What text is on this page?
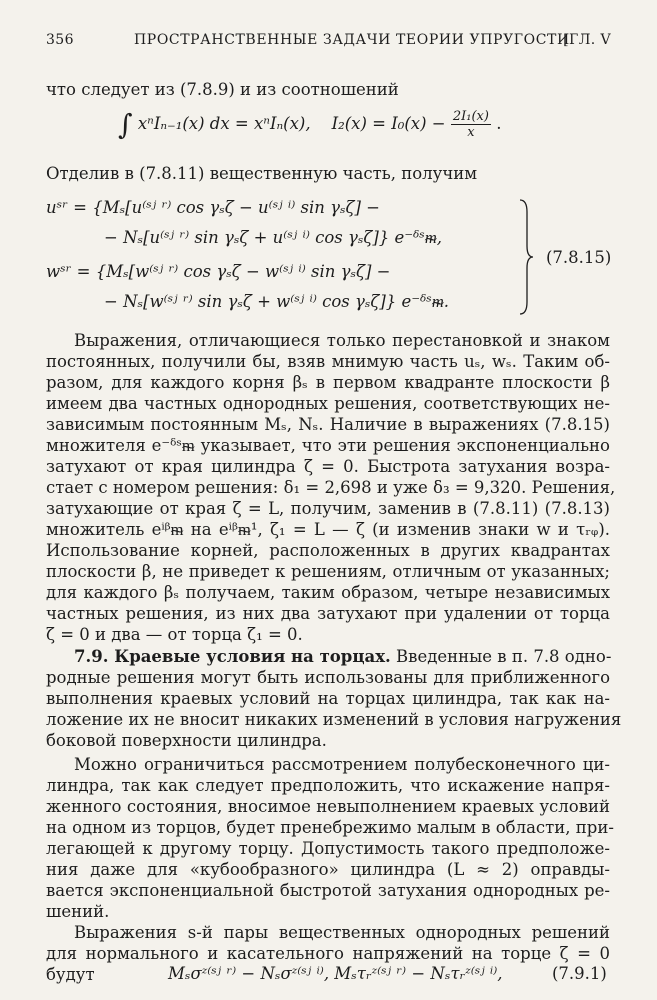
356	ПРОСТРАНСТВЕННЫЕ ЗАДАЧИ ТЕОРИИ УПРУГОСТИ
[ГЛ. V
что следует из (7.8.9) и из соотношений
∫ xⁿIₙ₋₁(x) dx = xⁿIₙ(x), $I_2(x) = I_0(x) - \frac{\text{2I₁(x)}}{x}$ .
Отделив в (7.8.11) вещественную часть, получим
uˢʳ = {Mₛ[u⁽ˢʲ ʳ⁾ cos γₛζ − u⁽ˢʲ ⁱ⁾ sin γₛζ] −
− Nₛ[u⁽ˢʲ ʳ⁾ sin γₛζ + u⁽ˢʲ ⁱ⁾ cos γₛζ]} e⁻ᵟˢᵯ,
wˢʳ = {Mₛ[w⁽ˢʲ ʳ⁾ cos γₛζ − w⁽ˢʲ ⁱ⁾ sin γₛζ] −
− Nₛ[w⁽ˢʲ ʳ⁾ sin γₛζ + w⁽ˢʲ ⁱ⁾ cos γₛζ]} e⁻ᵟˢᵯ.
(7.8.15)
Выражения, отличающиеся только перестановкой и знаком
постоянных, получили бы, взяв мнимую часть uₛ, wₛ. Таким об-
разом, для каждого корня βₛ в первом квадранте плоскости β
имеем два частных однородных решения, соответствующих не-
зависимым постоянным Mₛ, Nₛ. Наличие в выражениях (7.8.15)
множителя e⁻ᵟˢᵯ указывает, что эти решения экспоненциально
затухают от края цилиндра ζ = 0. Быстрота затухания возра-
стает с номером решения: δ₁ = 2,698 и уже δ₃ = 9,320. Решения,
затухающие от края ζ = L, получим, заменив в (7.8.11) (7.8.13)
множитель eⁱᵝᵯ на eⁱᵝᵯ¹, ζ₁ = L — ζ (и изменив знаки w и τᵣᵩ).
Использование корней, расположенных в других квадрантах
плоскости β, не приведет к решениям, отличным от указанных;
для каждого βₛ получаем, таким образом, четыре независимых
частных решения, из них два затухают при удалении от торца
ζ = 0 и два — от торца ζ₁ = 0.
7.9. Краевые условия на торцах. Введенные в п. 7.8 одно-
родные решения могут быть использованы для приближенного
выполнения краевых условий на торцах цилиндра, так как на-
ложение их не вносит никаких изменений в условия нагружения
боковой поверхности цилиндра.
Можно ограничиться рассмотрением полубесконечного ци-
линдра, так как следует предположить, что искажение напря-
женного состояния, вносимое невыполнением краевых условий
на одном из торцов, будет пренебрежимо малым в области, при-
легающей к другому торцу. Допустимость такого предположе-
ния даже для «кубообразного» цилиндра (L ≈ 2) оправды-
вается экспоненциальной быстротой затухания однородных ре-
шений.
Выражения s-й пары вещественных однородных решений
для нормального и касательного напряжений на торце ζ = 0
будут	Mₛσᶻ⁽ˢʲ ʳ⁾ − Nₛσᶻ⁽ˢʲ ⁱ⁾, Mₛτᵣᶻ⁽ˢʲ ʳ⁾ − Nₛτᵣᶻ⁽ˢʲ ⁱ⁾,	(7.9.1)
